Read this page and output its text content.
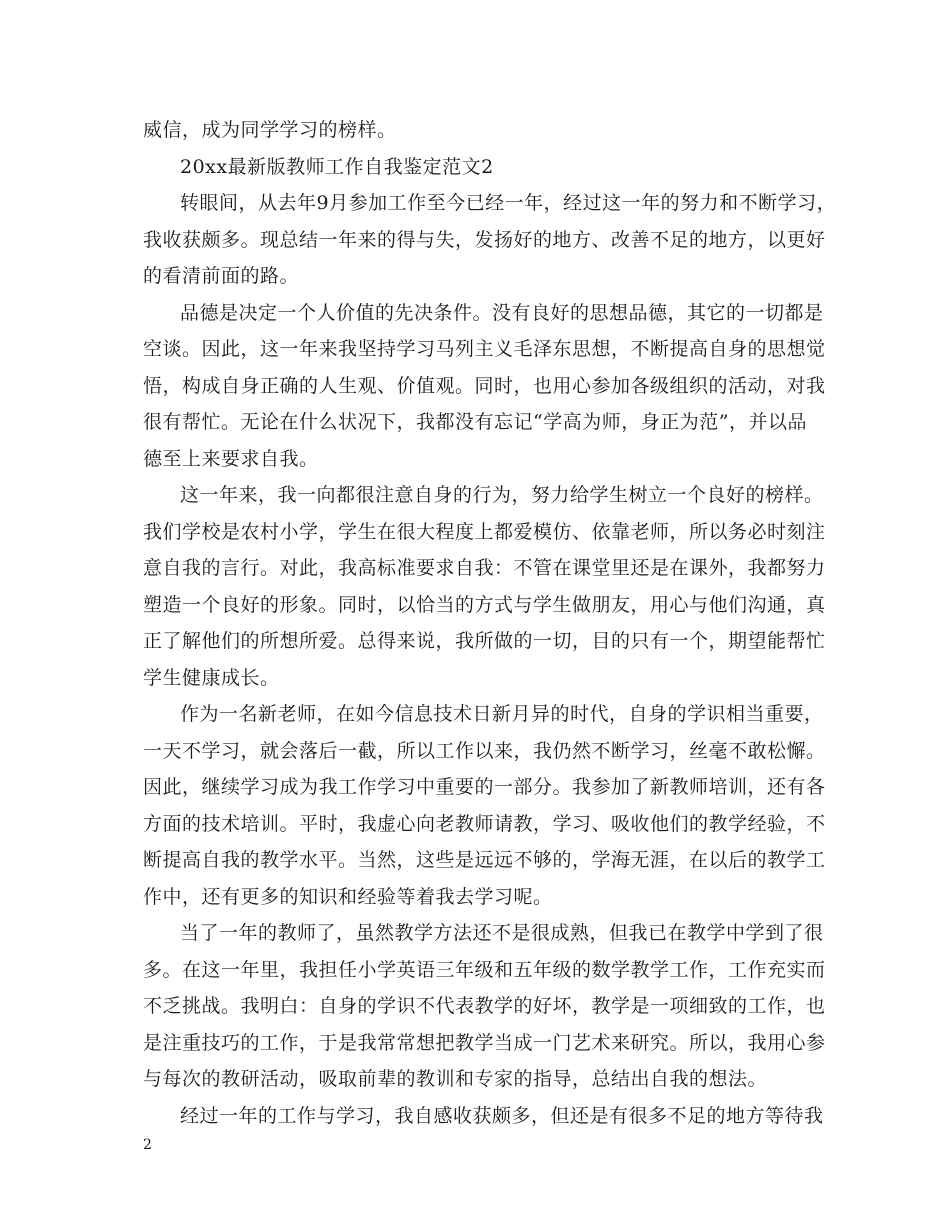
威信，成为同学学习的榜样。
20xx最新版教师工作自我鉴定范文2
转眼间，从去年9月参加工作至今已经一年，经过这一年的努力和不断学习，
我收获颇多。现总结一年来的得与失，发扬好的地方、改善不足的地方，以更好
的看清前面的路。
品德是决定一个人价值的先决条件。没有良好的思想品德，其它的一切都是
空谈。因此，这一年来我坚持学习马列主义毛泽东思想，不断提高自身的思想觉
悟，构成自身正确的人生观、价值观。同时，也用心参加各级组织的活动，对我
很有帮忙。无论在什么状况下，我都没有忘记“学高为师，身正为范”，并以品
德至上来要求自我。
这一年来，我一向都很注意自身的行为，努力给学生树立一个良好的榜样。
我们学校是农村小学，学生在很大程度上都爱模仿、依靠老师，所以务必时刻注
意自我的言行。对此，我高标准要求自我：不管在课堂里还是在课外，我都努力
塑造一个良好的形象。同时，以恰当的方式与学生做朋友，用心与他们沟通，真
正了解他们的所想所爱。总得来说，我所做的一切，目的只有一个，期望能帮忙
学生健康成长。
作为一名新老师，在如今信息技术日新月异的时代，自身的学识相当重要，
一天不学习，就会落后一截，所以工作以来，我仍然不断学习，丝毫不敢松懈。
因此，继续学习成为我工作学习中重要的一部分。我参加了新教师培训，还有各
方面的技术培训。平时，我虚心向老教师请教，学习、吸收他们的教学经验，不
断提高自我的教学水平。当然，这些是远远不够的，学海无涯，在以后的教学工
作中，还有更多的知识和经验等着我去学习呢。
当了一年的教师了，虽然教学方法还不是很成熟，但我已在教学中学到了很
多。在这一年里，我担任小学英语三年级和五年级的数学教学工作，工作充实而
不乏挑战。我明白：自身的学识不代表教学的好坏，教学是一项细致的工作，也
是注重技巧的工作，于是我常常想把教学当成一门艺术来研究。所以，我用心参
与每次的教研活动，吸取前辈的教训和专家的指导，总结出自我的想法。
经过一年的工作与学习，我自感收获颇多，但还是有很多不足的地方等待我
2
